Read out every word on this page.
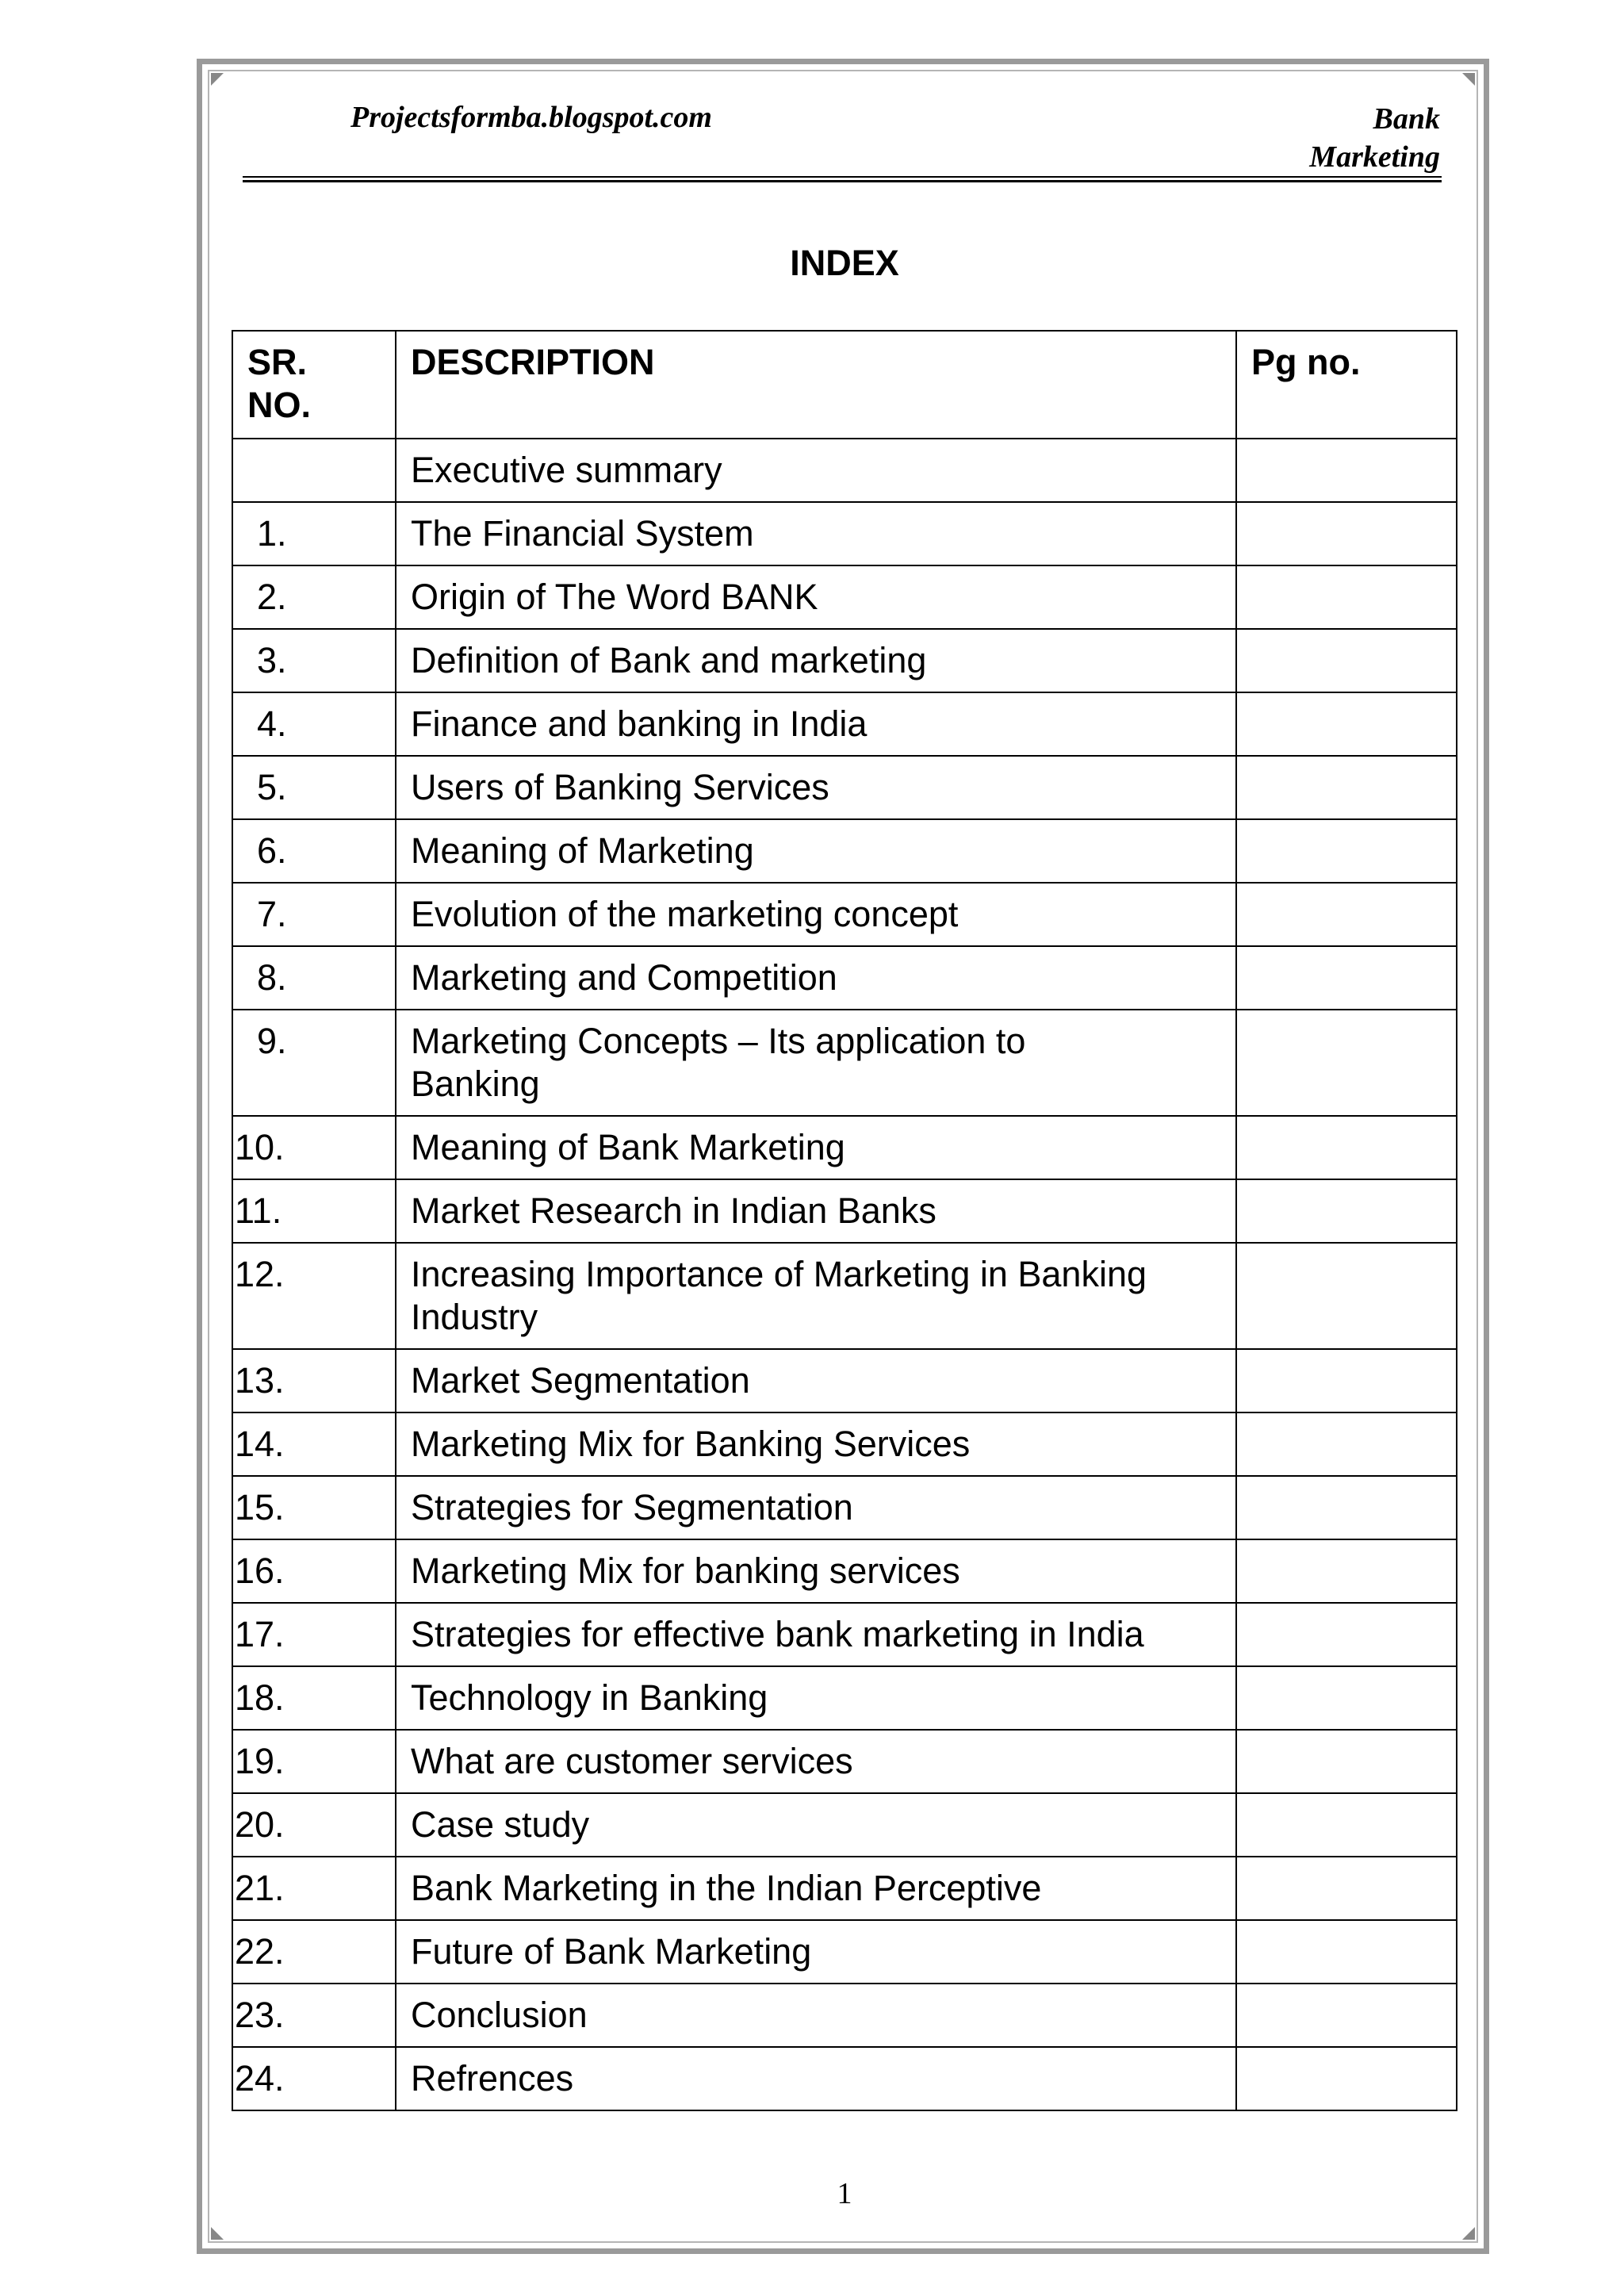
Projectsformba.blogspot.com	Bank
Marketing
INDEX
SR.
NO.	DESCRIPTION	Pg no.

	Executive summary	

1.	The Financial System	

2.	Origin of The Word BANK	

3.	Definition of Bank and marketing	

4.	Finance and banking in India	

5.	Users of Banking Services	

6.	Meaning of Marketing	

7.	Evolution of the marketing concept	

8.	Marketing and Competition	

9.	Marketing Concepts – Its application to
Banking	

10.	Meaning of Bank Marketing	

11.	Market Research in Indian Banks	

12.	Increasing Importance of Marketing in Banking
Industry	

13.	Market Segmentation	

14.	Marketing Mix for Banking Services	

15.	Strategies for Segmentation	

16.	Marketing Mix for banking services	

17.	Strategies for effective bank marketing in India	

18.	Technology in Banking	

19.	What are customer services	

20.	Case study	

21.	Bank Marketing in the Indian Perceptive	

22.	Future of Bank Marketing	

23.	Conclusion	

24.	Refrences	

1
